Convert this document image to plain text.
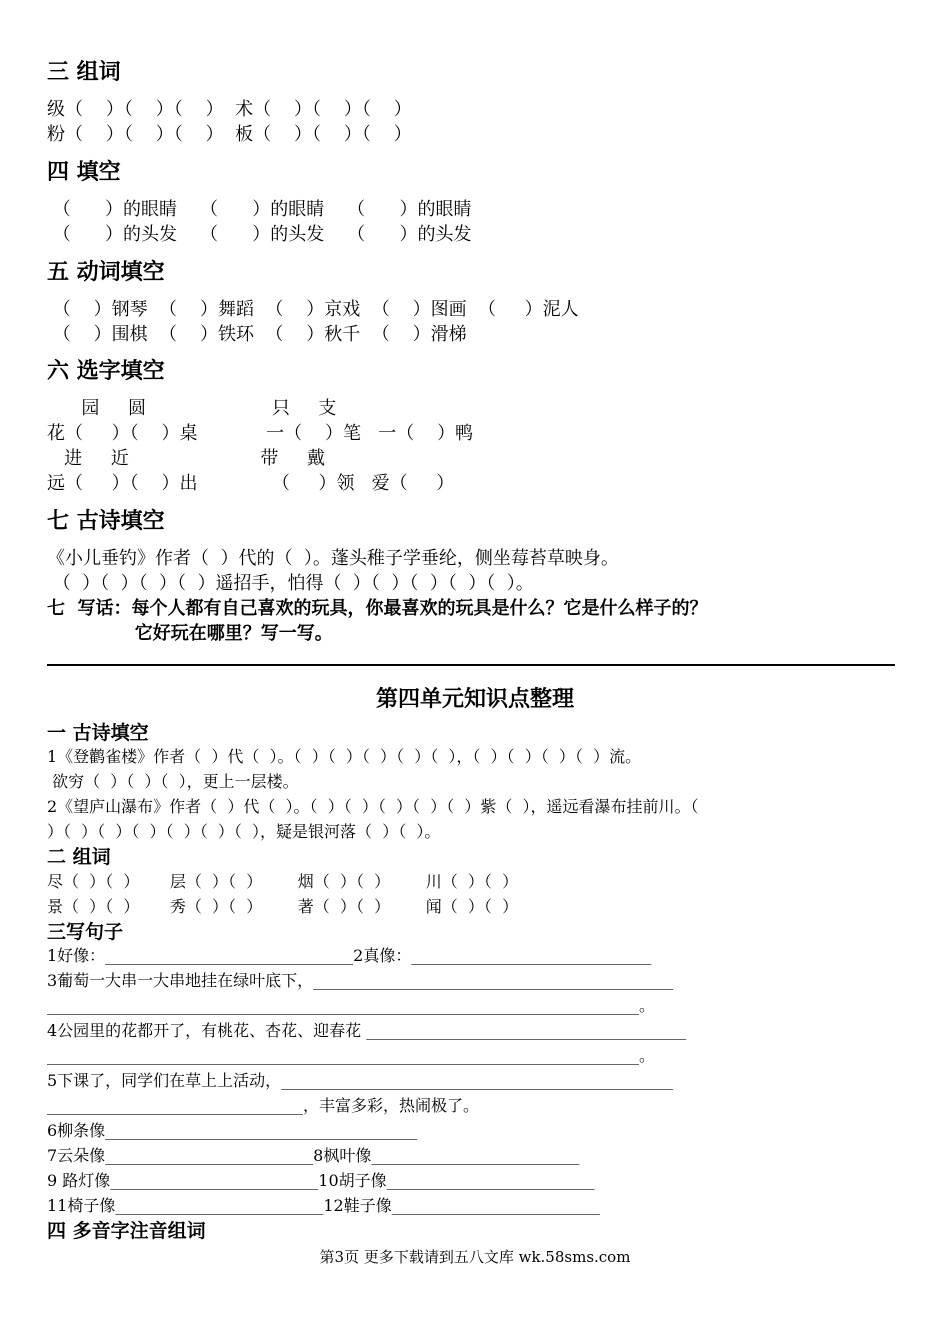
三 组词
级（    ）（    ）（    ）  术（    ）（    ）（    ）
粉（    ）（    ）（    ）  板（    ）（    ）（    ）
四 填空
（      ）的眼睛    （      ）的眼睛    （      ）的眼睛
（      ）的头发    （      ）的头发    （      ）的头发
五 动词填空
（    ）钢琴  （    ）舞蹈  （    ）京戏  （    ）图画  （     ）泥人
（    ）围棋  （    ）铁环  （    ）秋千  （    ）滑梯
六 选字填空
园     圆                      只     支
花（     ）（    ）桌            一（    ）笔   一（    ）鸭
进     近                       带     戴
远（     ）（    ）出             （     ）领   爱（     ）
七 古诗填空
《小儿垂钓》作者（  ）代的（  ）。蓬头稚子学垂纶，侧坐莓苔草映身。
（  ）（  ）（  ）（  ）遥招手，怕得（  ）（  ）（  ）（  ）（  ）。
七  写话：每个人都有自己喜欢的玩具，你最喜欢的玩具是什么？它是什么样子的？
它好玩在哪里？写一写。
第四单元知识点整理
一 古诗填空
1《登鹳雀楼》作者（  ）代（  ）。（  ）（  ）（  ）（  ）（  ），（  ）（  ）（  ）（  ）流。
欲穷（  ）（  ）（  ），更上一层楼。
2《望庐山瀑布》作者（  ）代（  ）。（  ）（  ）（  ）（  ）（  ）紫（  ），遥远看瀑布挂前川。（
）（  ）（  ）（  ）（  ）（  ）（  ），疑是银河落（  ）（  ）。
二 组词
尽（  ）（  ）      层（  ）（  ）       烟（  ）（  ）       川（  ）（  ）
景（  ）（  ）      秀（  ）（  ）       著（  ）（  ）       闻（  ）（  ）
三写句子
1好像：_______________________________2真像：______________________________
3葡萄一大串一大串地挂在绿叶底下，_____________________________________________
__________________________________________________________________________。
4公园里的花都开了，有桃花、杏花、迎春花 ________________________________________
__________________________________________________________________________。
5下课了，同学们在草上上活动，_________________________________________________
________________________________，丰富多彩，热闹极了。
6柳条像_______________________________________
7云朵像__________________________8枫叶像__________________________
9 路灯像__________________________10胡子像__________________________
11椅子像__________________________12鞋子像__________________________
四 多音字注音组词
第3页 更多下载请到五八文库 wk.58sms.com
